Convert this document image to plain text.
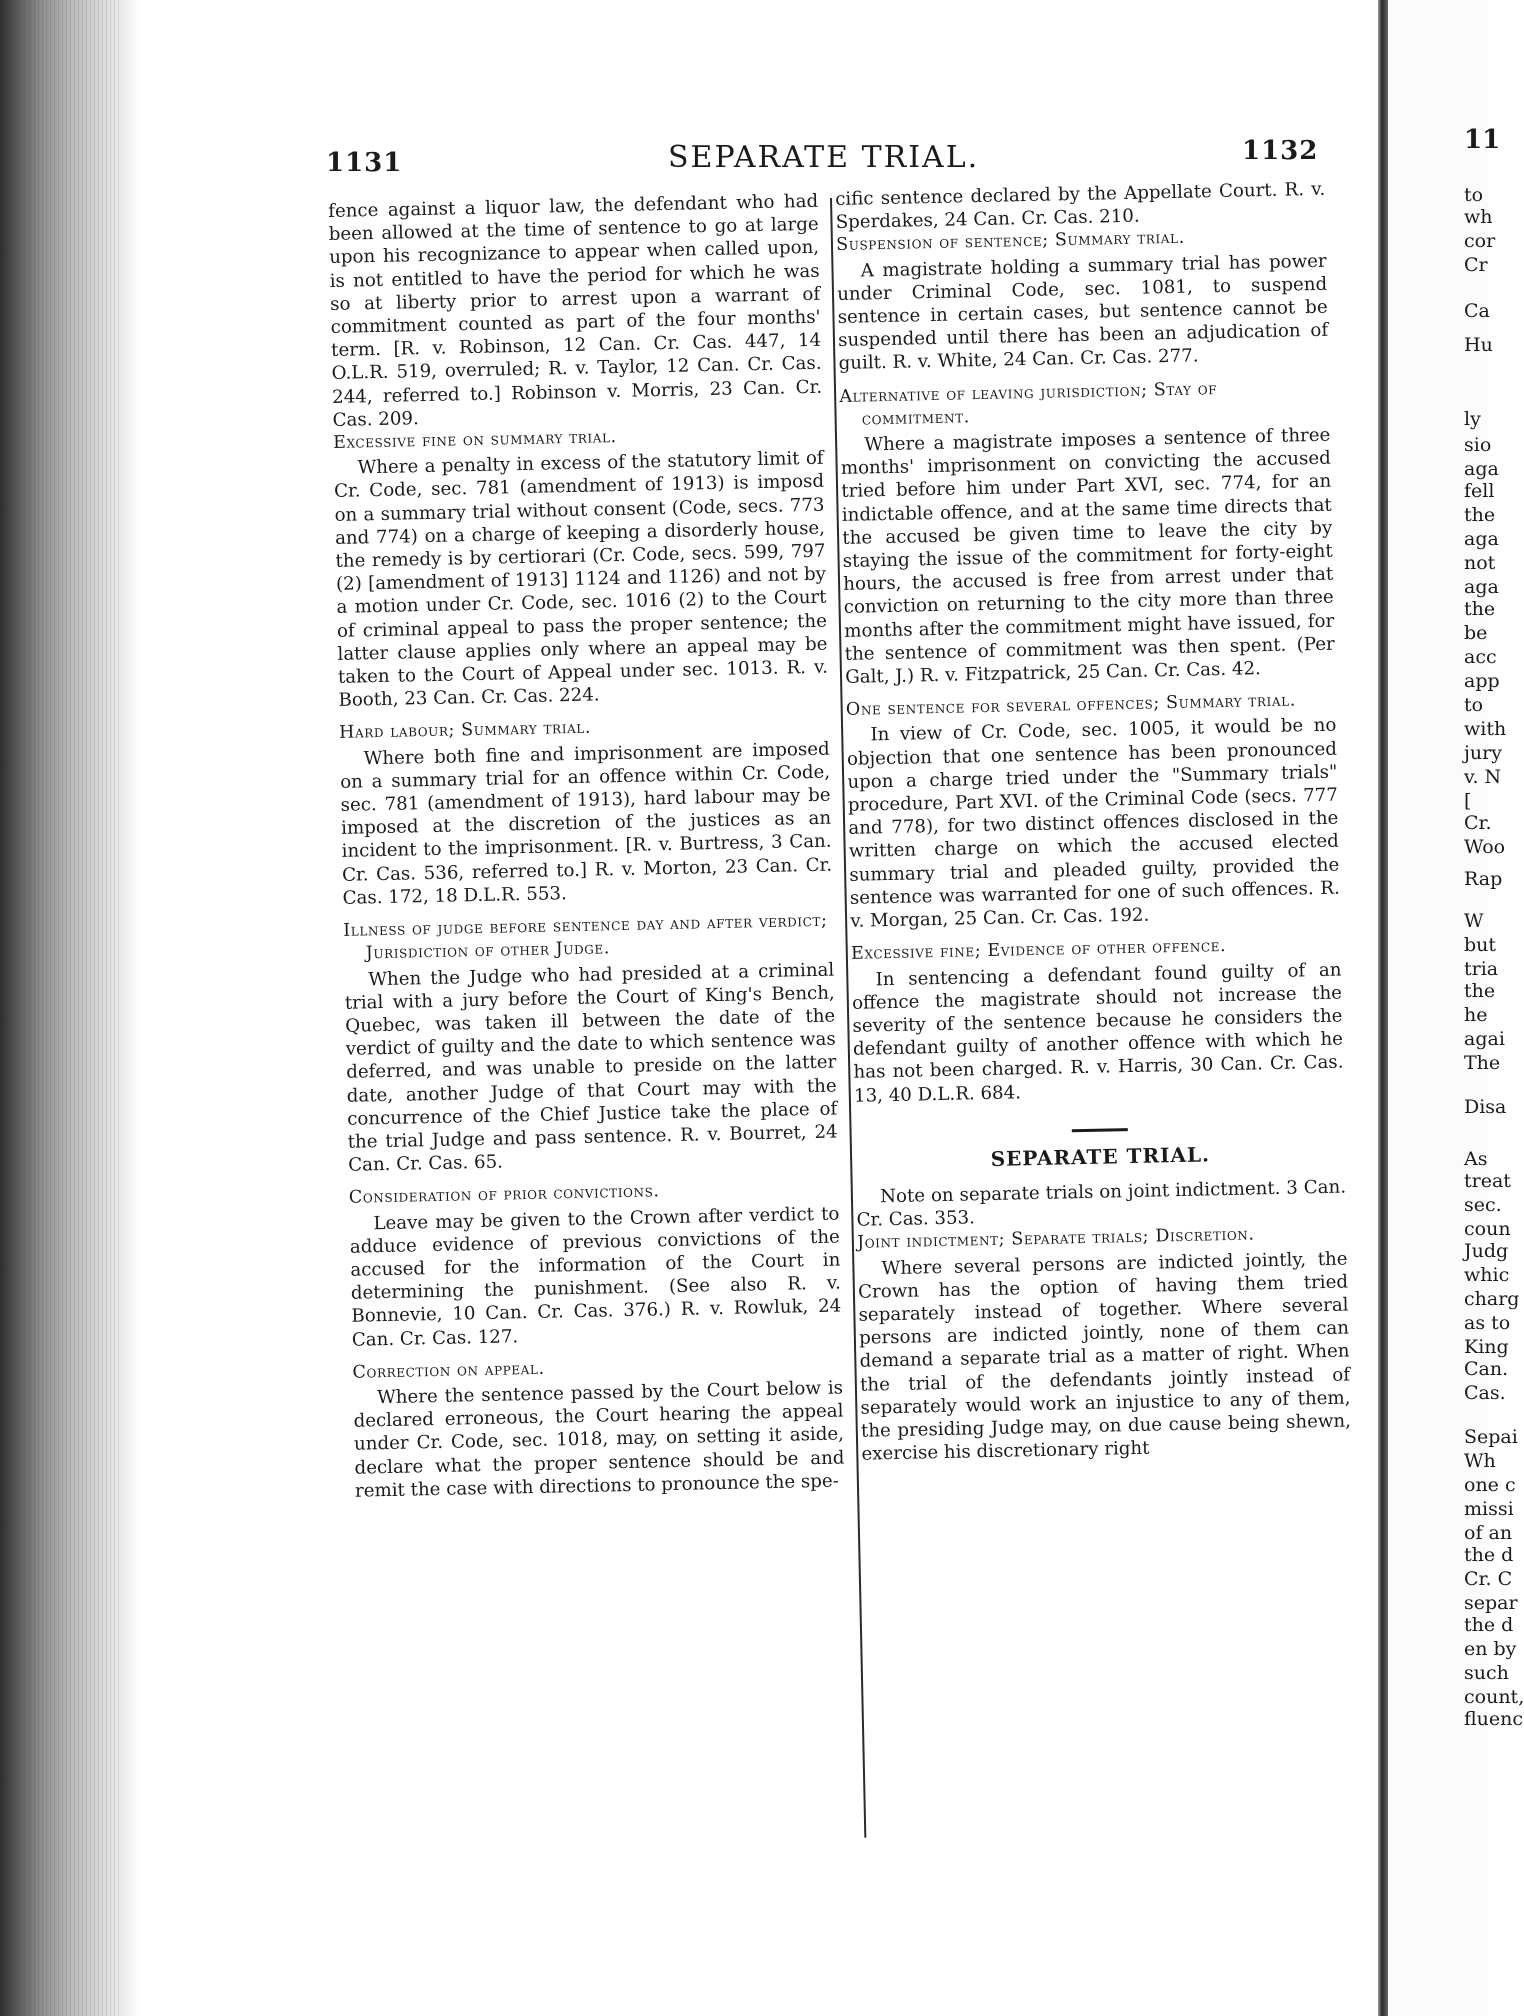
1131	SEPARATE TRIAL.	1132

fence against a liquor law, the defendant who had been allowed at the time of sentence to go at large upon his recognizance to appear when called upon, is not entitled to have the period for which he was so at liberty prior to arrest upon a warrant of commitment counted as part of the four months' term. [R. v. Robinson, 12 Can. Cr. Cas. 447, 14 O.L.R. 519, overruled; R. v. Taylor, 12 Can. Cr. Cas. 244, referred to.] Robinson v. Morris, 23 Can. Cr. Cas. 209.

Excessive fine on summary trial.

Where a penalty in excess of the statutory limit of Cr. Code, sec. 781 (amendment of 1913) is imposd on a summary trial without consent (Code, secs. 773 and 774) on a charge of keeping a disorderly house, the remedy is by certiorari (Cr. Code, secs. 599, 797 (2) [amendment of 1913] 1124 and 1126) and not by a motion under Cr. Code, sec. 1016 (2) to the Court of criminal appeal to pass the proper sentence; the latter clause applies only where an appeal may be taken to the Court of Appeal under sec. 1013. R. v. Booth, 23 Can. Cr. Cas. 224.

Hard labour; Summary trial.

Where both fine and imprisonment are imposed on a summary trial for an offence within Cr. Code, sec. 781 (amendment of 1913), hard labour may be imposed at the discretion of the justices as an incident to the imprisonment. [R. v. Burtress, 3 Can. Cr. Cas. 536, referred to.] R. v. Morton, 23 Can. Cr. Cas. 172, 18 D.L.R. 553.

Illness of judge before sentence day and after verdict; Jurisdiction of other Judge.

When the Judge who had presided at a criminal trial with a jury before the Court of King's Bench, Quebec, was taken ill between the date of the verdict of guilty and the date to which sentence was deferred, and was unable to preside on the latter date, another Judge of that Court may with the concurrence of the Chief Justice take the place of the trial Judge and pass sentence. R. v. Bourret, 24 Can. Cr. Cas. 65.

Consideration of prior convictions.

Leave may be given to the Crown after verdict to adduce evidence of previous convictions of the accused for the information of the Court in determining the punishment. (See also R. v. Bonnevie, 10 Can. Cr. Cas. 376.) R. v. Rowluk, 24 Can. Cr. Cas. 127.

Correction on appeal.

Where the sentence passed by the Court below is declared erroneous, the Court hearing the appeal under Cr. Code, sec. 1018, may, on setting it aside, declare what the proper sentence should be and remit the case with directions to pronounce the spe-

cific sentence declared by the Appellate Court. R. v. Sperdakes, 24 Can. Cr. Cas. 210.

Suspension of sentence; Summary trial.

A magistrate holding a summary trial has power under Criminal Code, sec. 1081, to suspend sentence in certain cases, but sentence cannot be suspended until there has been an adjudication of guilt. R. v. White, 24 Can. Cr. Cas. 277.

Alternative of leaving jurisdiction; Stay of commitment.

Where a magistrate imposes a sentence of three months' imprisonment on convicting the accused tried before him under Part XVI, sec. 774, for an indictable offence, and at the same time directs that the accused be given time to leave the city by staying the issue of the commitment for forty-eight hours, the accused is free from arrest under that conviction on returning to the city more than three months after the commitment might have issued, for the sentence of commitment was then spent. (Per Galt, J.) R. v. Fitzpatrick, 25 Can. Cr. Cas. 42.

One sentence for several offences; Summary trial.

In view of Cr. Code, sec. 1005, it would be no objection that one sentence has been pronounced upon a charge tried under the "Summary trials" procedure, Part XVI. of the Criminal Code (secs. 777 and 778), for two distinct offences disclosed in the written charge on which the accused elected summary trial and pleaded guilty, provided the sentence was warranted for one of such offences. R. v. Morgan, 25 Can. Cr. Cas. 192.

Excessive fine; Evidence of other offence.

In sentencing a defendant found guilty of an offence the magistrate should not increase the severity of the sentence because he considers the defendant guilty of another offence with which he has not been charged. R. v. Harris, 30 Can. Cr. Cas. 13, 40 D.L.R. 684.

SEPARATE TRIAL.

Note on separate trials on joint indictment. 3 Can. Cr. Cas. 353.

Joint indictment; Separate trials; Discretion.

Where several persons are indicted jointly, the Crown has the option of having them tried separately instead of together. Where several persons are indicted jointly, none of them can demand a separate trial as a matter of right. When the trial of the defendants jointly instead of separately would work an injustice to any of them, the presiding Judge may, on due cause being shewn, exercise his discretionary right

11
to
wh
cor
Cr
Ca
Hu
ly
sio
aga
fell
the
aga
not
aga
the
be
acc
app
to
with
jury
v. N
[
Cr.
Woo
Rap
W
but
tria
the
he
agai
The
Disa
As
treat
sec.
coun
Judg
whic
charg
as to
King
Can.
Cas.
Sepai
Wh
one c
missi
of an
the d
Cr. C
separ
the d
en by
such
count,
fluenc
